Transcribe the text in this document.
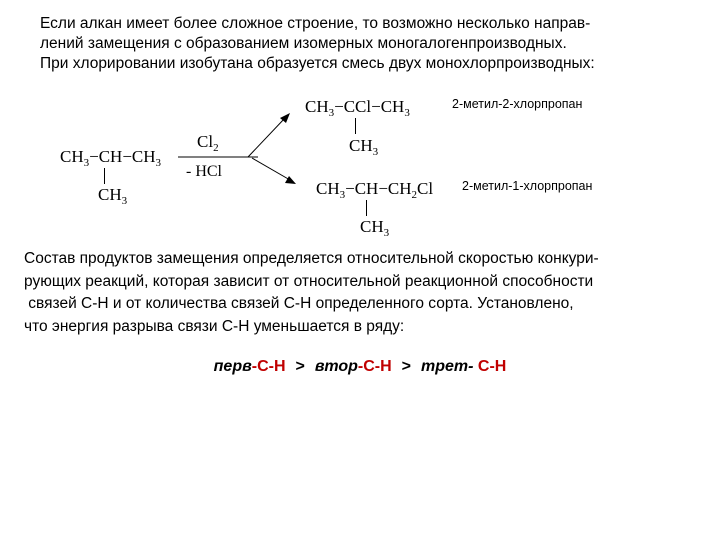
Если алкан имеет более сложное строение, то возможно несколько направ-
лений замещения с образованием изомерных моногалогенпроизводных.
При хлорировании изобутана образуется смесь двух монохлорпроизводных:
$CH_3-CH-CH_3$
$CH_3$
$Cl_2$
- HCl
$CH_3-CCl-CH_3$
$CH_3$
2-метил-2-хлорпропан
$CH_3-CH-CH_2Cl$
$CH_3$
2-метил-1-хлорпропан
Состав продуктов замещения определяется относительной скоростью конкури-
рующих реакций, которая зависит от относительной реакционной способности
связей С-Н и от количества связей С-Н определенного сорта. Установлено,
что энергия разрыва связи С-Н уменьшается в ряду:
перв-С-Н > втор-С-Н > трет- С-Н
